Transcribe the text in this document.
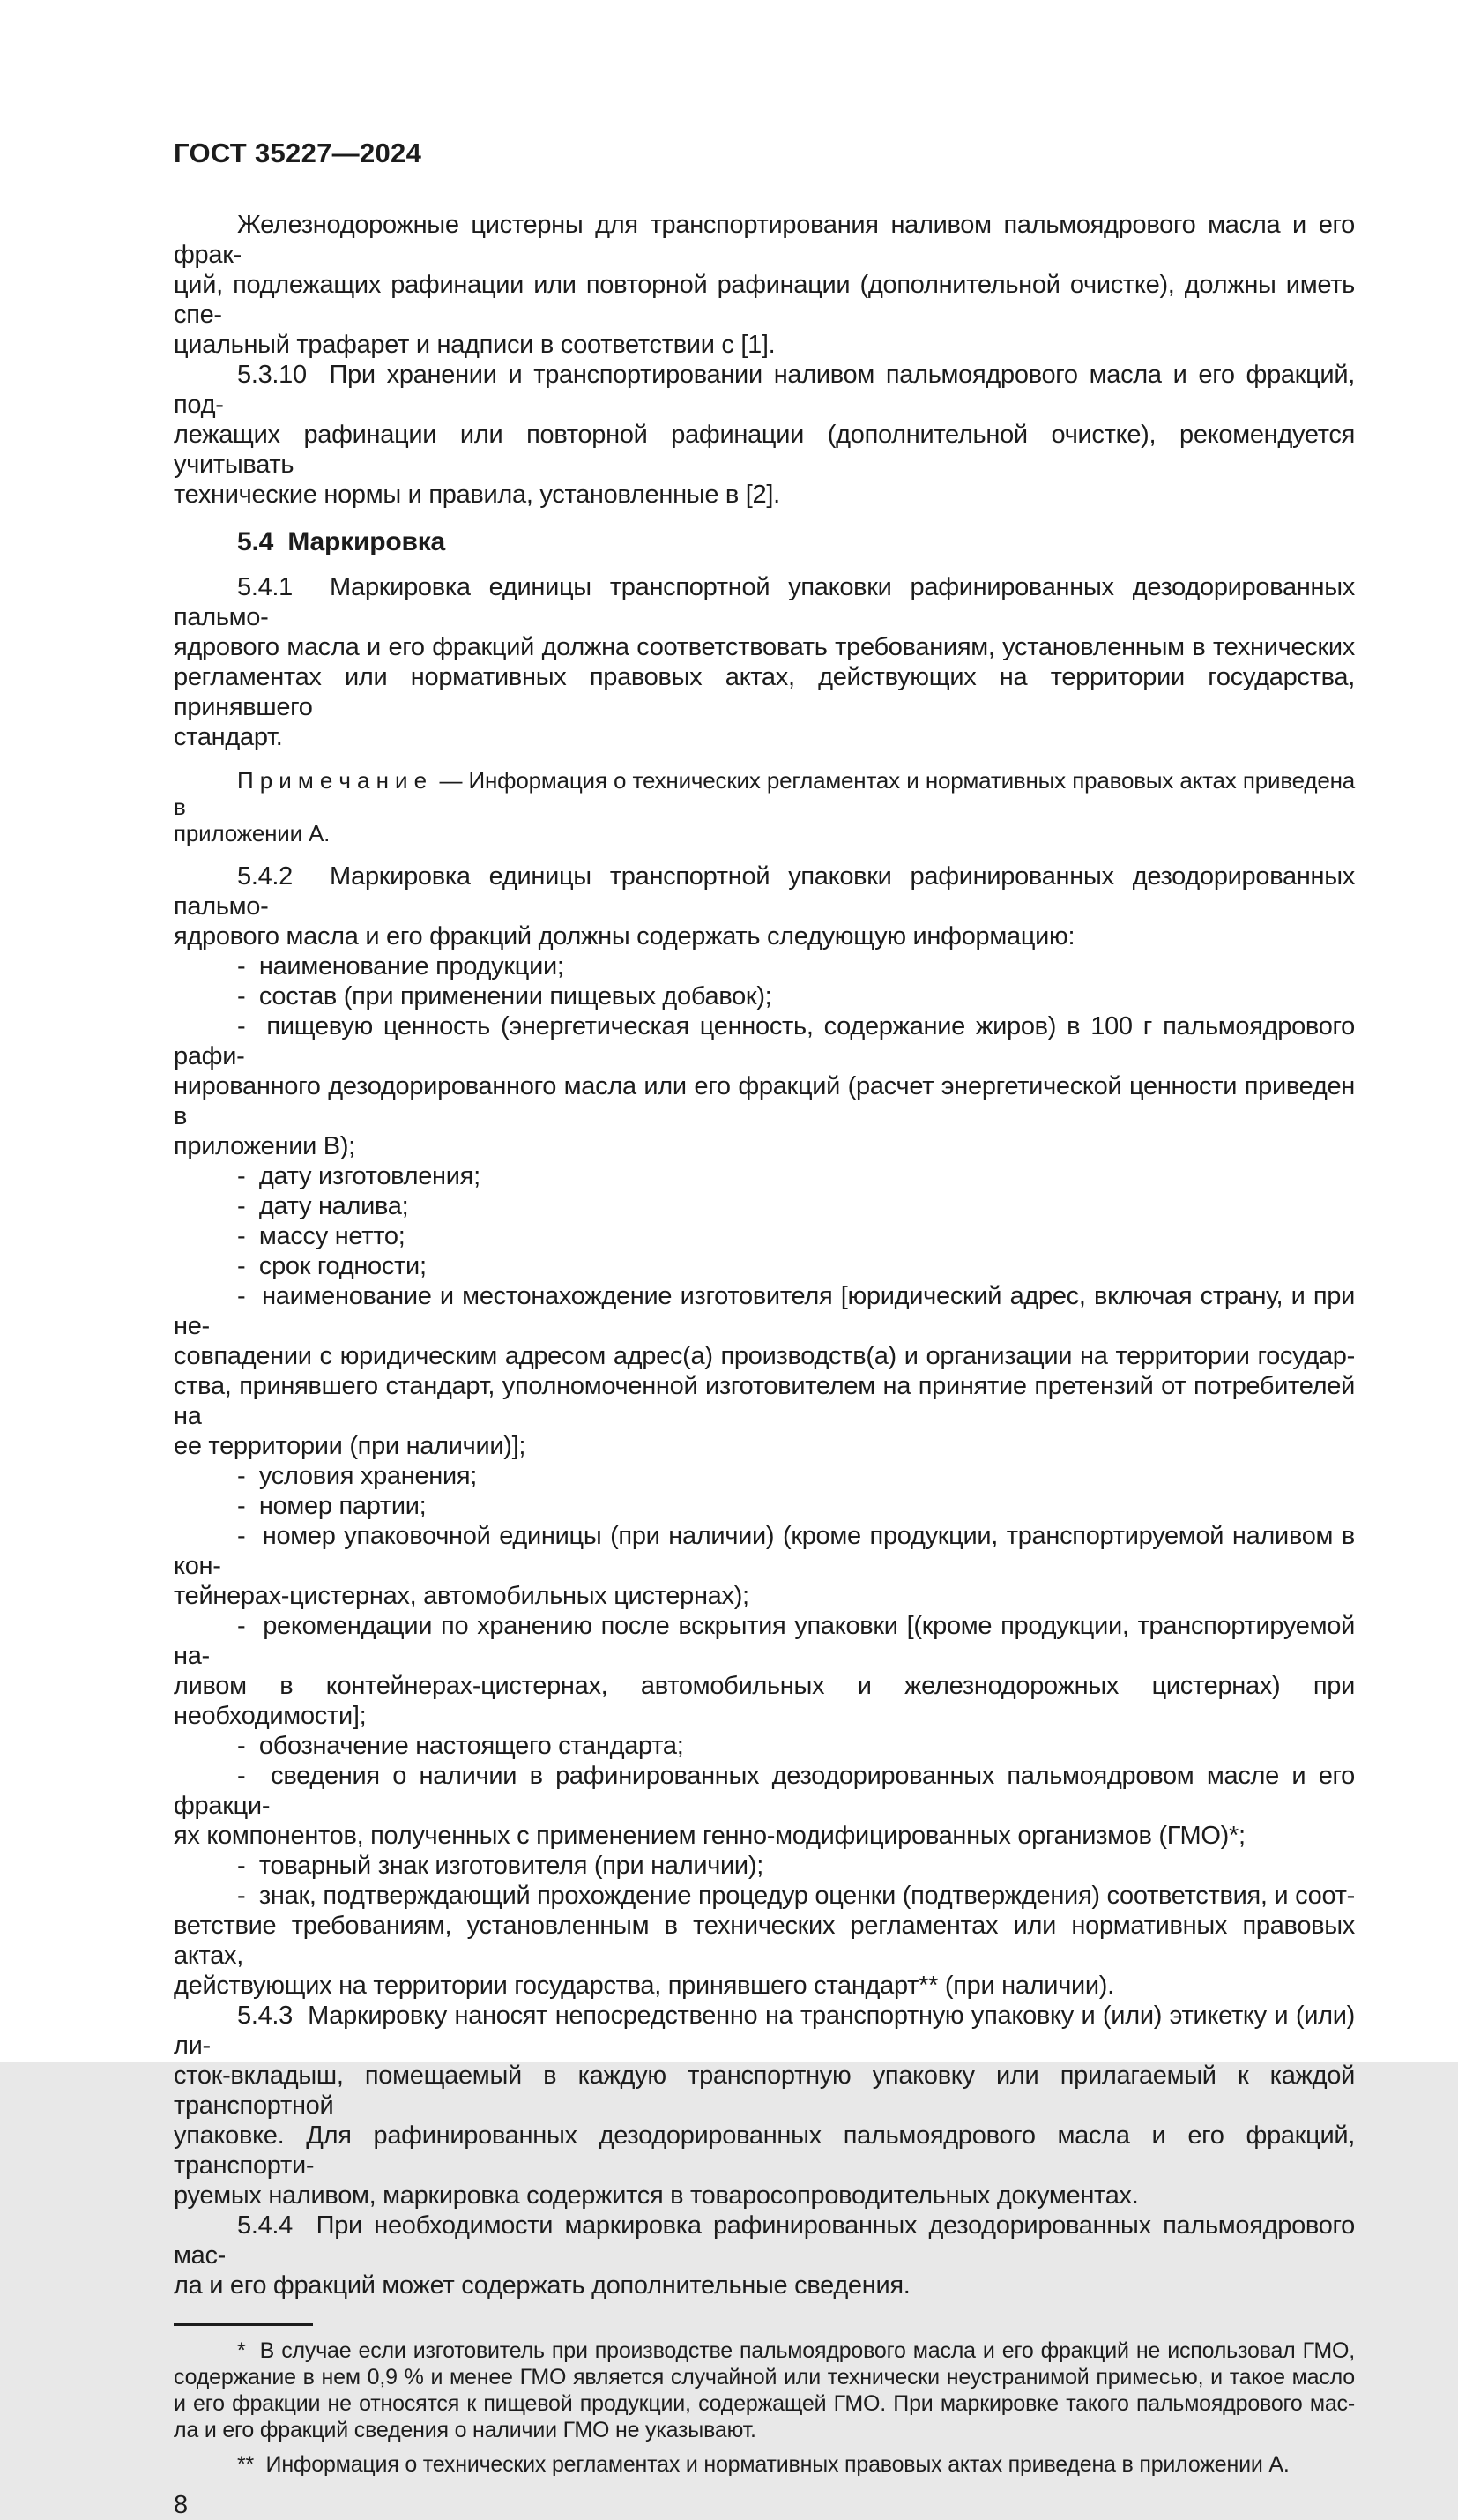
ГОСТ 35227—2024
Железнодорожные цистерны для транспортирования наливом пальмоядрового масла и его фрак-
ций, подлежащих рафинации или повторной рафинации (дополнительной очистке), должны иметь спе-
циальный трафарет и надписи в соответствии с [1].
5.3.10  При хранении и транспортировании наливом пальмоядрового масла и его фракций, под-
лежащих рафинации или повторной рафинации (дополнительной очистке), рекомендуется учитывать
технические нормы и правила, установленные в [2].
5.4  Маркировка
5.4.1  Маркировка единицы транспортной упаковки рафинированных дезодорированных пальмо-
ядрового масла и его фракций должна соответствовать требованиям, установленным в технических
регламентах или нормативных правовых актах, действующих на территории государства, принявшего
стандарт.
П р и м е ч а н и е  — Информация о технических регламентах и нормативных правовых актах приведена в
приложении А.
5.4.2  Маркировка единицы транспортной упаковки рафинированных дезодорированных пальмо-
ядрового масла и его фракций должны содержать следующую информацию:
-  наименование продукции;
-  состав (при применении пищевых добавок);
-  пищевую ценность (энергетическая ценность, содержание жиров) в 100 г пальмоядрового рафи-
нированного дезодорированного масла или его фракций (расчет энергетической ценности приведен в
приложении В);
-  дату изготовления;
-  дату налива;
-  массу нетто;
-  срок годности;
-  наименование и местонахождение изготовителя [юридический адрес, включая страну, и при не-
совпадении с юридическим адресом адрес(а) производств(а) и организации на территории государ-
ства, принявшего стандарт, уполномоченной изготовителем на принятие претензий от потребителей на
ее территории (при наличии)];
-  условия хранения;
-  номер партии;
-  номер упаковочной единицы (при наличии) (кроме продукции, транспортируемой наливом в кон-
тейнерах-цистернах, автомобильных цистернах);
-  рекомендации по хранению после вскрытия упаковки [(кроме продукции, транспортируемой на-
ливом в контейнерах-цистернах, автомобильных и железнодорожных цистернах) при необходимости];
-  обозначение настоящего стандарта;
-  сведения о наличии в рафинированных дезодорированных пальмоядровом масле и его фракци-
ях компонентов, полученных с применением генно-модифицированных организмов (ГМО)*;
-  товарный знак изготовителя (при наличии);
-  знак, подтверждающий прохождение процедур оценки (подтверждения) соответствия, и соот-
ветствие требованиям, установленным в технических регламентах или нормативных правовых актах,
действующих на территории государства, принявшего стандарт** (при наличии).
5.4.3  Маркировку наносят непосредственно на транспортную упаковку и (или) этикетку и (или) ли-
сток-вкладыш, помещаемый в каждую транспортную упаковку или прилагаемый к каждой транспортной
упаковке. Для рафинированных дезодорированных пальмоядрового масла и его фракций, транспорти-
руемых наливом, маркировка содержится в товаросопроводительных документах.
5.4.4  При необходимости маркировка рафинированных дезодорированных пальмоядрового мас-
ла и его фракций может содержать дополнительные сведения.
*  В случае если изготовитель при производстве пальмоядрового масла и его фракций не использовал ГМО,
содержание в нем 0,9 % и менее ГМО является случайной или технически неустранимой примесью, и такое масло
и его фракции не относятся к пищевой продукции, содержащей ГМО. При маркировке такого пальмоядрового мас-
ла и его фракций сведения о наличии ГМО не указывают.
**  Информация о технических регламентах и нормативных правовых актах приведена в приложении А.
8
